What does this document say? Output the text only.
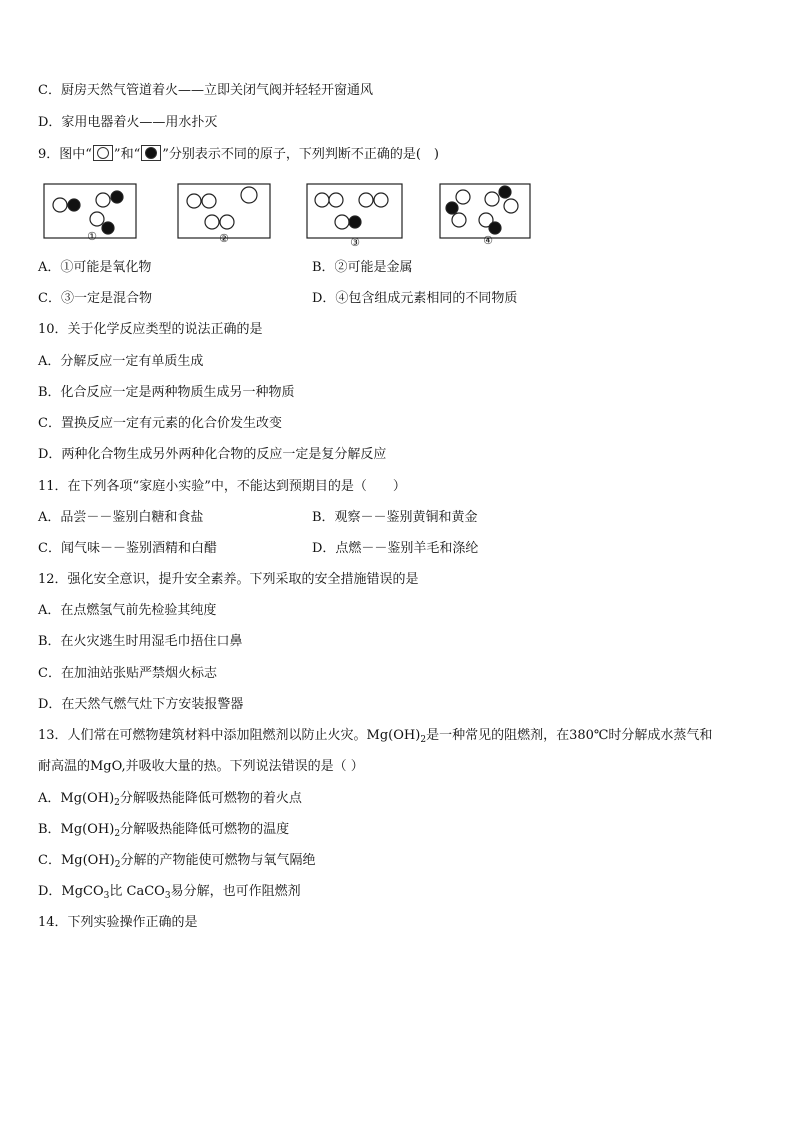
C．厨房天然气管道着火——立即关闭气阀并轻轻开窗通风
D．家用电器着火——用水扑灭
9．图中“ ”和“ ”分别表示不同的原子，下列判断不正确的是(　)
①	②	③	④
A．①可能是氧化物	B．②可能是金属
C．③一定是混合物	D．④包含组成元素相同的不同物质
10．关于化学反应类型的说法正确的是
A．分解反应一定有单质生成
B．化合反应一定是两种物质生成另一种物质
C．置换反应一定有元素的化合价发生改变
D．两种化合物生成另外两种化合物的反应一定是复分解反应
11．在下列各项“家庭小实验”中，不能达到预期目的是（　　）
A．品尝－－鉴别白糖和食盐	B．观察－－鉴别黄铜和黄金
C．闻气味－－鉴别酒精和白醋	D．点燃－－鉴别羊毛和涤纶
12．强化安全意识，提升安全素养。下列采取的安全措施错误的是
A．在点燃氢气前先检验其纯度
B．在火灾逃生时用湿毛巾捂住口鼻
C．在加油站张贴严禁烟火标志
D．在天然气燃气灶下方安装报警器
13．人们常在可燃物建筑材料中添加阻燃剂以防止火灾。$Mg(OH)_2$是一种常见的阻燃剂，在380℃时分解成水蒸气和
耐高温的MgO,并吸收大量的热。下列说法错误的是（ ）
A．$Mg(OH)_2$分解吸热能降低可燃物的着火点
B．$Mg(OH)_2$分解吸热能降低可燃物的温度
C．$Mg(OH)_2$分解的产物能使可燃物与氧气隔绝
D．MgCO$_3$比 CaCO$_3$易分解，也可作阻燃剂
14．下列实验操作正确的是
